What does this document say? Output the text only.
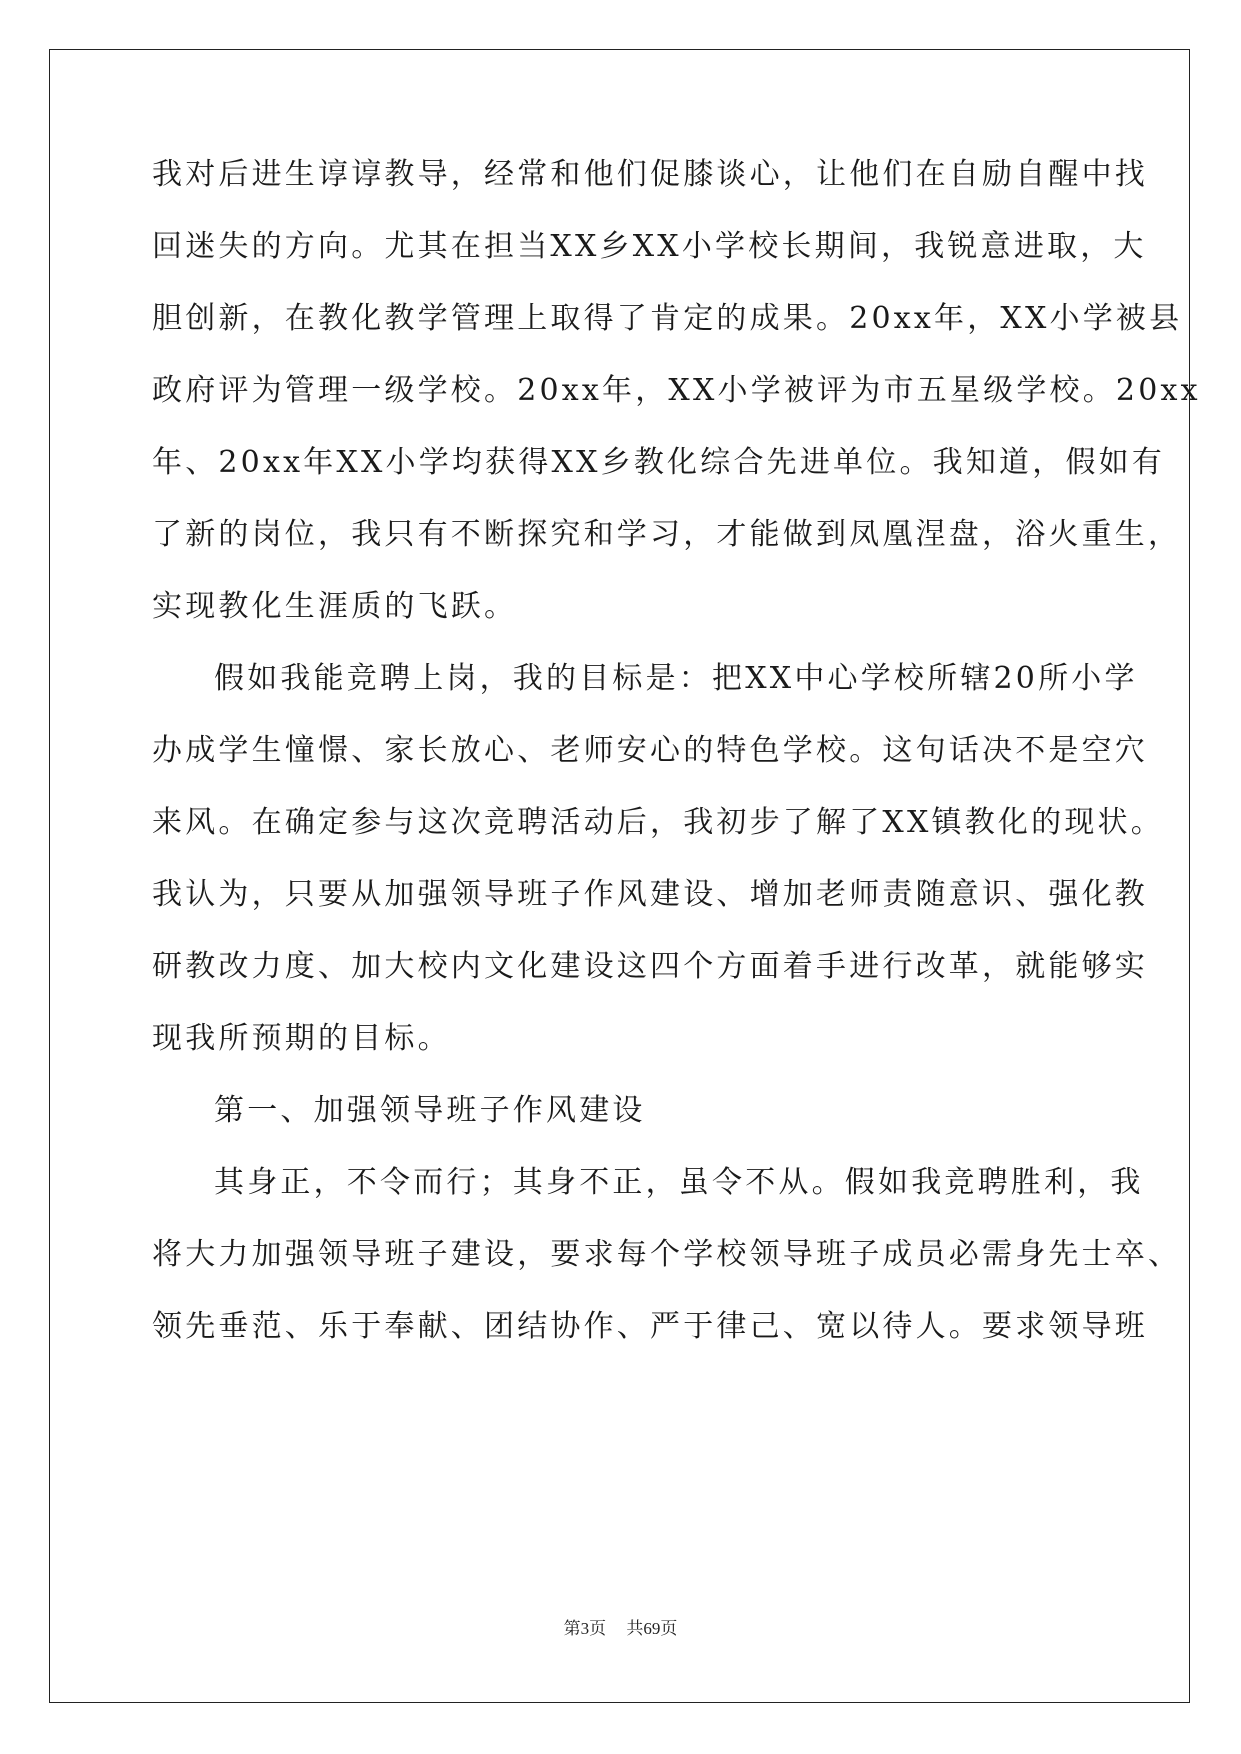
我对后进生谆谆教导，经常和他们促膝谈心，让他们在自励自醒中找
回迷失的方向。尤其在担当XX乡XX小学校长期间，我锐意进取，大
胆创新，在教化教学管理上取得了肯定的成果。20xx年，XX小学被县
政府评为管理一级学校。20xx年，XX小学被评为市五星级学校。20xx
年、20xx年XX小学均获得XX乡教化综合先进单位。我知道，假如有
了新的岗位，我只有不断探究和学习，才能做到凤凰涅盘，浴火重生，
实现教化生涯质的飞跃。
假如我能竞聘上岗，我的目标是：把XX中心学校所辖20所小学
办成学生憧憬、家长放心、老师安心的特色学校。这句话决不是空穴
来风。在确定参与这次竞聘活动后，我初步了解了XX镇教化的现状。
我认为，只要从加强领导班子作风建设、增加老师责随意识、强化教
研教改力度、加大校内文化建设这四个方面着手进行改革，就能够实
现我所预期的目标。
第一、加强领导班子作风建设
其身正，不令而行；其身不正，虽令不从。假如我竞聘胜利，我
将大力加强领导班子建设，要求每个学校领导班子成员必需身先士卒、
领先垂范、乐于奉献、团结协作、严于律己、宽以待人。要求领导班
第3页 共69页
